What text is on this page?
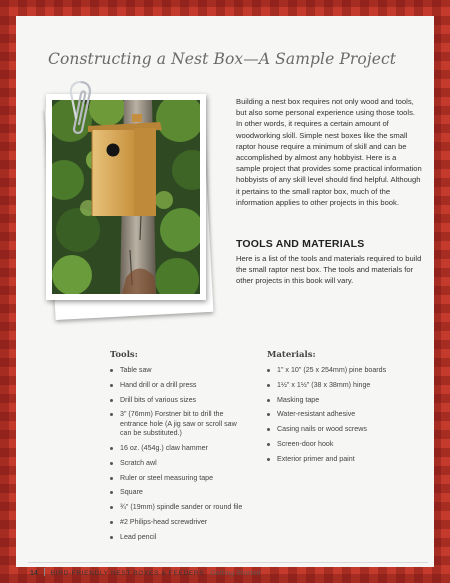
Constructing a Nest Box—A Sample Project

Building a nest box requires not only wood and tools, but also some personal experience using those tools. In other words, it requires a certain amount of woodworking skill. Simple nest boxes like the small raptor house require a minimum of skill and can be accomplished by almost any hobbyist. Here is a sample project that provides some practical information hobbyists of any skill level should find helpful. Although it pertains to the small raptor box, much of the information applies to other projects in this book.

TOOLS AND MATERIALS

Here is a list of the tools and materials required to build the small raptor nest box. The tools and materials for other projects in this book will vary.

Tools:
Table saw
Hand drill or a drill press
Drill bits of various sizes
3" (76mm) Forstner bit to drill the entrance hole (A jig saw or scroll saw can be substituted.)
16 oz. (454g.) claw hammer
Scratch awl
Ruler or steel measuring tape
Square
¾" (19mm) spindle sander or round file
#2 Philips-head screwdriver
Lead pencil
Materials:
1" x 10" (25 x 254mm) pine boards
1½" x 1½" (38 x 38mm) hinge
Masking tape
Water-resistant adhesive
Casing nails or wood screws
Screen-door hook
Exterior primer and paint
14 BIRD-FRIENDLY NEST BOXES & FEEDERS Getting Started
